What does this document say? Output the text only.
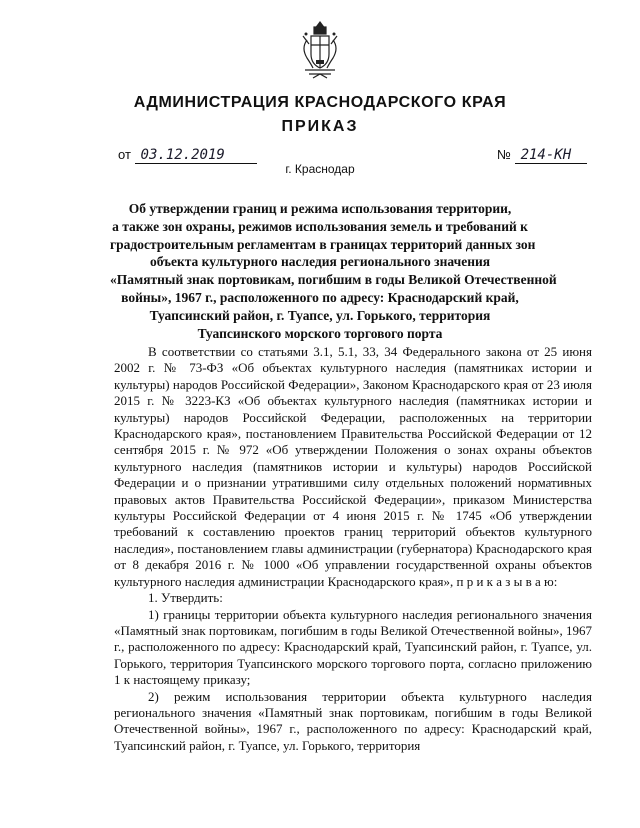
АДМИНИСТРАЦИЯ КРАСНОДАРСКОГО КРАЯ
ПРИКАЗ
от 03.12.2019	№ 214-КН
г. Краснодар
Об утверждении границ и режима использования территории,
а также зон охраны, режимов использования земель и требований к
градостроительным регламентам в границах территорий данных зон
объекта культурного наследия регионального значения
«Памятный знак портовикам, погибшим в годы Великой Отечественной
войны», 1967 г., расположенного по адресу: Краснодарский край,
Туапсинский район, г. Туапсе, ул. Горького, территория
Туапсинского морского торгового порта

В соответствии со статьями 3.1, 5.1, 33, 34 Федерального закона от 25 июня 2002 г. № 73-ФЗ «Об объектах культурного наследия (памятниках истории и культуры) народов Российской Федерации», Законом Краснодарского края от 23 июля 2015 г. № 3223-КЗ «Об объектах культурного наследия (памятниках истории и культуры) народов Российской Федерации, расположенных на территории Краснодарского края», постановлением Правительства Российской Федерации от 12 сентября 2015 г. № 972 «Об утверждении Положения о зонах охраны объектов культурного наследия (памятников истории и культуры) народов Российской Федерации и о признании утратившими силу отдельных положений нормативных правовых актов Правительства Российской Федерации», приказом Министерства культуры Российской Федерации от 4 июня 2015 г. № 1745 «Об утверждении требований к составлению проектов границ территорий объектов культурного наследия», постановлением главы администрации (губернатора) Краснодарского края от 8 декабря 2016 г. № 1000 «Об управлении государственной охраны объектов культурного наследия администрации Краснодарского края», п р и к а з ы в а ю:

1. Утвердить:

1) границы территории объекта культурного наследия регионального значения «Памятный знак портовикам, погибшим в годы Великой Отечественной войны», 1967 г., расположенного по адресу: Краснодарский край, Туапсинский район, г. Туапсе, ул. Горького, территория Туапсинского морского торгового порта, согласно приложению 1 к настоящему приказу;

2) режим использования территории объекта культурного наследия регионального значения «Памятный знак портовикам, погибшим в годы Великой Отечественной войны», 1967 г., расположенного по адресу: Краснодарский край, Туапсинский район, г. Туапсе, ул. Горького, территория
